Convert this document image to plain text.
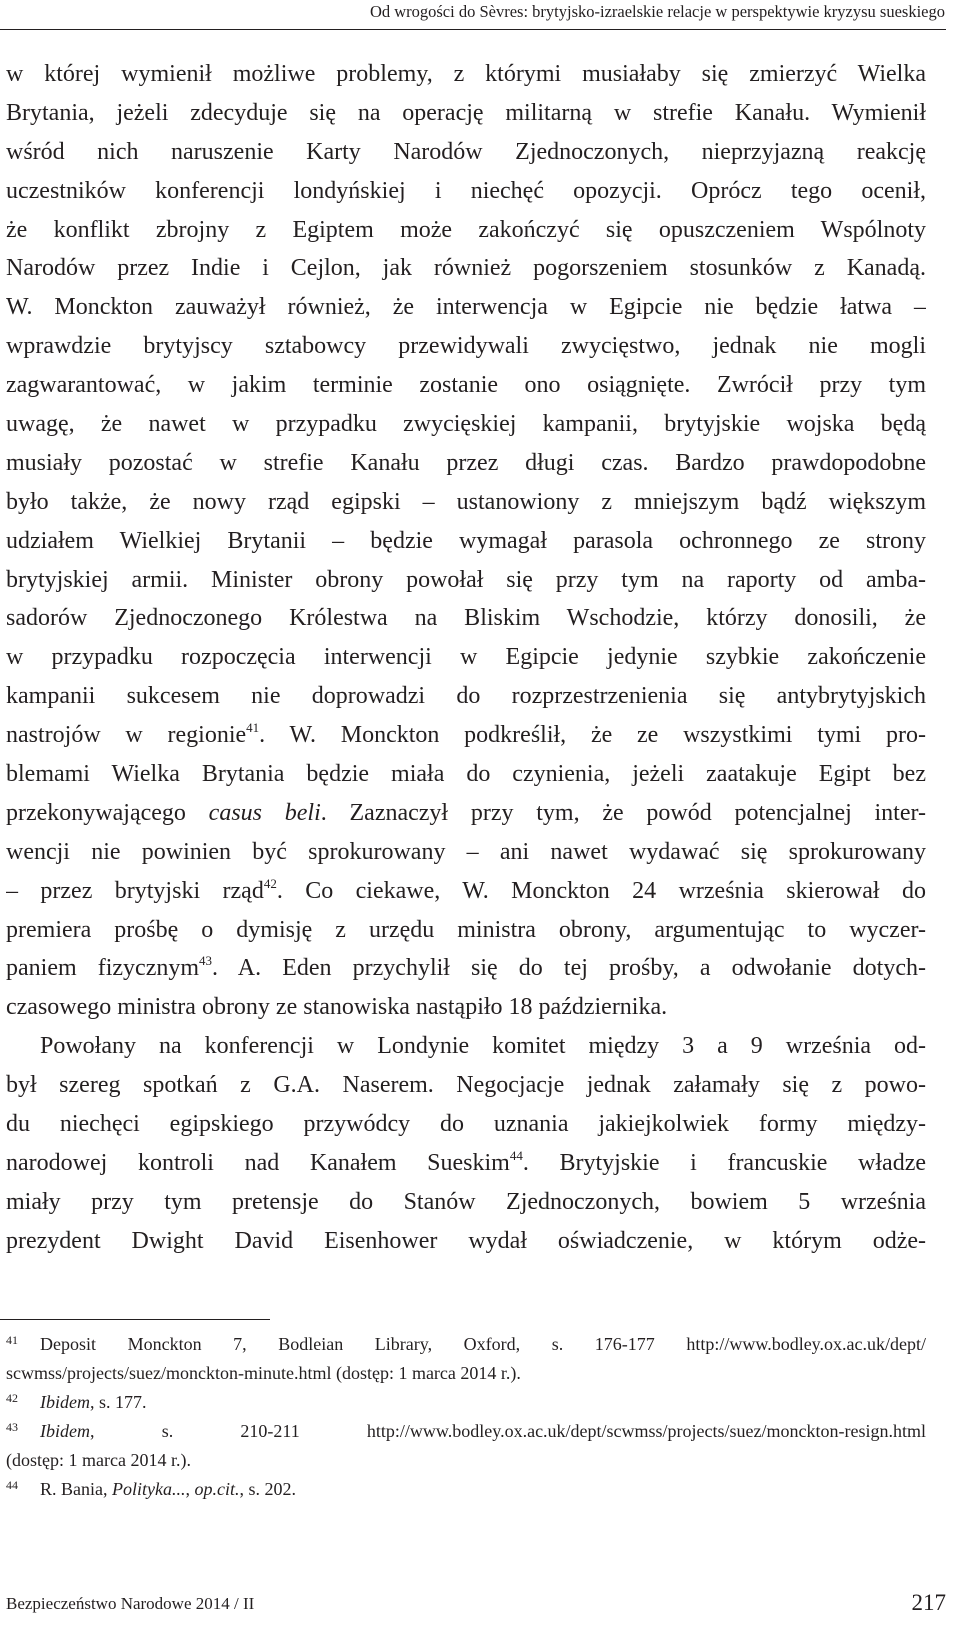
Od wrogości do Sèvres: brytyjsko-izraelskie relacje w perspektywie kryzysu sueskiego
w której wymienił możliwe problemy, z którymi musiałaby się zmierzyć Wielka
Brytania, jeżeli zdecyduje się na operację militarną w strefie Kanału. Wymienił
wśród nich naruszenie Karty Narodów Zjednoczonych, nieprzyjazną reakcję
uczestników konferencji londyńskiej i niechęć opozycji. Oprócz tego ocenił,
że konflikt zbrojny z Egiptem może zakończyć się opuszczeniem Wspólnoty
Narodów przez Indie i Cejlon, jak również pogorszeniem stosunków z Kanadą.
W. Monckton zauważył również, że interwencja w Egipcie nie będzie łatwa –
wprawdzie brytyjscy sztabowcy przewidywali zwycięstwo, jednak nie mogli
zagwarantować, w jakim terminie zostanie ono osiągnięte. Zwrócił przy tym
uwagę, że nawet w przypadku zwycięskiej kampanii, brytyjskie wojska będą
musiały pozostać w strefie Kanału przez długi czas. Bardzo prawdopodobne
było także, że nowy rząd egipski – ustanowiony z mniejszym bądź większym
udziałem Wielkiej Brytanii – będzie wymagał parasola ochronnego ze strony
brytyjskiej armii. Minister obrony powołał się przy tym na raporty od amba-
sadorów Zjednoczonego Królestwa na Bliskim Wschodzie, którzy donosili, że
w przypadku rozpoczęcia interwencji w Egipcie jedynie szybkie zakończenie
kampanii sukcesem nie doprowadzi do rozprzestrzenienia się antybrytyjskich
nastrojów w regionie$^{41}$. W. Monckton podkreślił, że ze wszystkimi tymi pro-
blemami Wielka Brytania będzie miała do czynienia, jeżeli zaatakuje Egipt bez
przekonywającego casus beli. Zaznaczył przy tym, że powód potencjalnej inter-
wencji nie powinien być sprokurowany – ani nawet wydawać się sprokurowany
– przez brytyjski rząd$^{42}$. Co ciekawe, W. Monckton 24 września skierował do
premiera prośbę o dymisję z urzędu ministra obrony, argumentując to wyczer-
paniem fizycznym$^{43}$. A. Eden przychylił się do tej prośby, a odwołanie dotych-
czasowego ministra obrony ze stanowiska nastąpiło 18 października.
Powołany na konferencji w Londynie komitet między 3 a 9 września od-
był szereg spotkań z G.A. Naserem. Negocjacje jednak załamały się z powo-
du niechęci egipskiego przywódcy do uznania jakiejkolwiek formy między-
narodowej kontroli nad Kanałem Sueskim$^{44}$. Brytyjskie i francuskie władze
miały przy tym pretensje do Stanów Zjednoczonych, bowiem 5 września
prezydent Dwight David Eisenhower wydał oświadczenie, w którym odże-
$^{41}$ Deposit Monckton 7, Bodleian Library, Oxford, s. 176-177 http://www.bodley.ox.ac.uk/dept/
scwmss/projects/suez/monckton-minute.html (dostęp: 1 marca 2014 r.).
$^{42}$ Ibidem, s. 177.
$^{43}$ Ibidem, s. 210-211 http://www.bodley.ox.ac.uk/dept/scwmss/projects/suez/monckton-resign.html
(dostęp: 1 marca 2014 r.).
$^{44}$ R. Bania, Polityka..., op.cit., s. 202.
Bezpieczeństwo Narodowe 2014 / II	217
